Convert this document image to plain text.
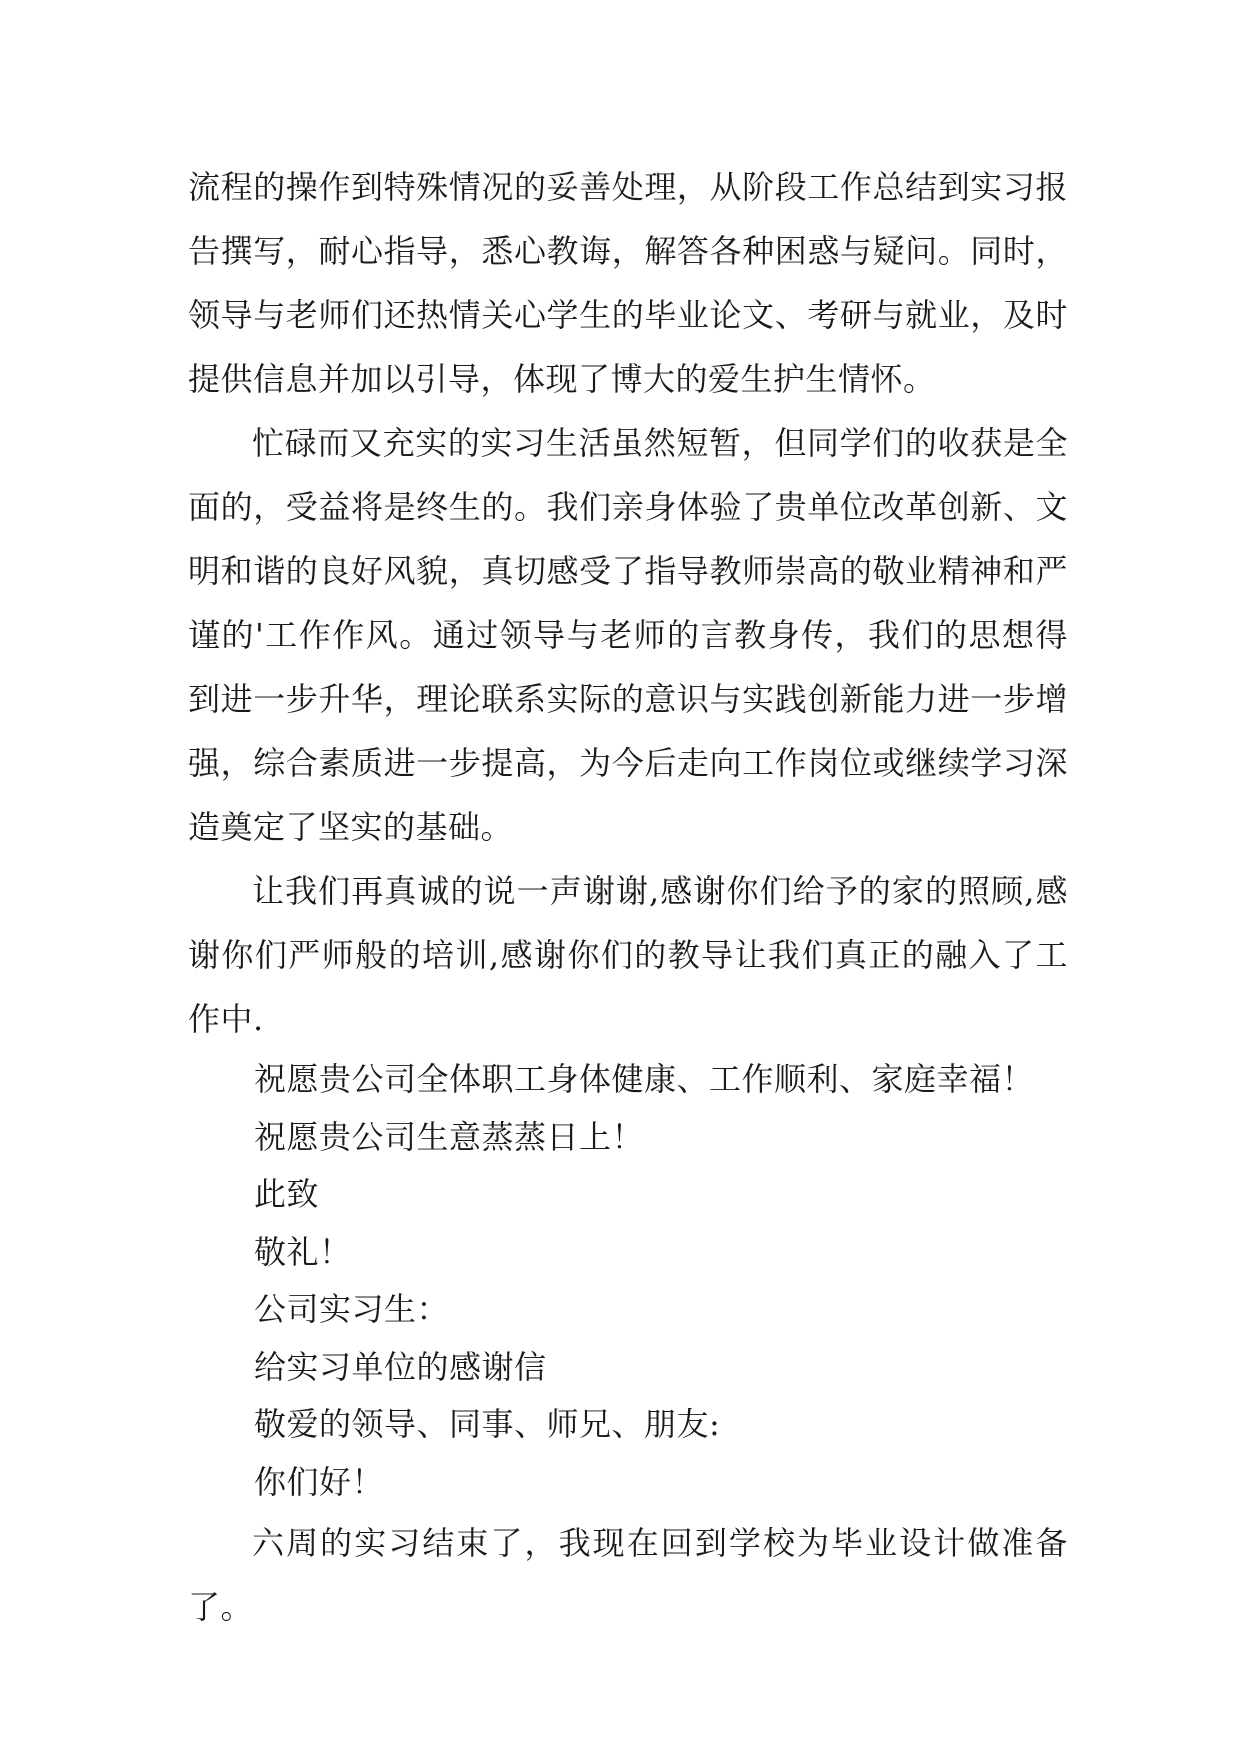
流程的操作到特殊情况的妥善处理，从阶段工作总结到实习报告撰写，耐心指导，悉心教诲，解答各种困惑与疑问。同时，领导与老师们还热情关心学生的毕业论文、考研与就业，及时提供信息并加以引导，体现了博大的爱生护生情怀。

忙碌而又充实的实习生活虽然短暂，但同学们的收获是全面的，受益将是终生的。我们亲身体验了贵单位改革创新、文明和谐的良好风貌，真切感受了指导教师崇高的敬业精神和严谨的'工作作风。通过领导与老师的言教身传，我们的思想得到进一步升华，理论联系实际的意识与实践创新能力进一步增强，综合素质进一步提高，为今后走向工作岗位或继续学习深造奠定了坚实的基础。

让我们再真诚的说一声谢谢,感谢你们给予的家的照顾,感谢你们严师般的培训,感谢你们的教导让我们真正的融入了工作中.

祝愿贵公司全体职工身体健康、工作顺利、家庭幸福！

祝愿贵公司生意蒸蒸日上！

此致

敬礼！

公司实习生：

给实习单位的感谢信

敬爱的领导、同事、师兄、朋友:

你们好！

六周的实习结束了，我现在回到学校为毕业设计做准备了。
